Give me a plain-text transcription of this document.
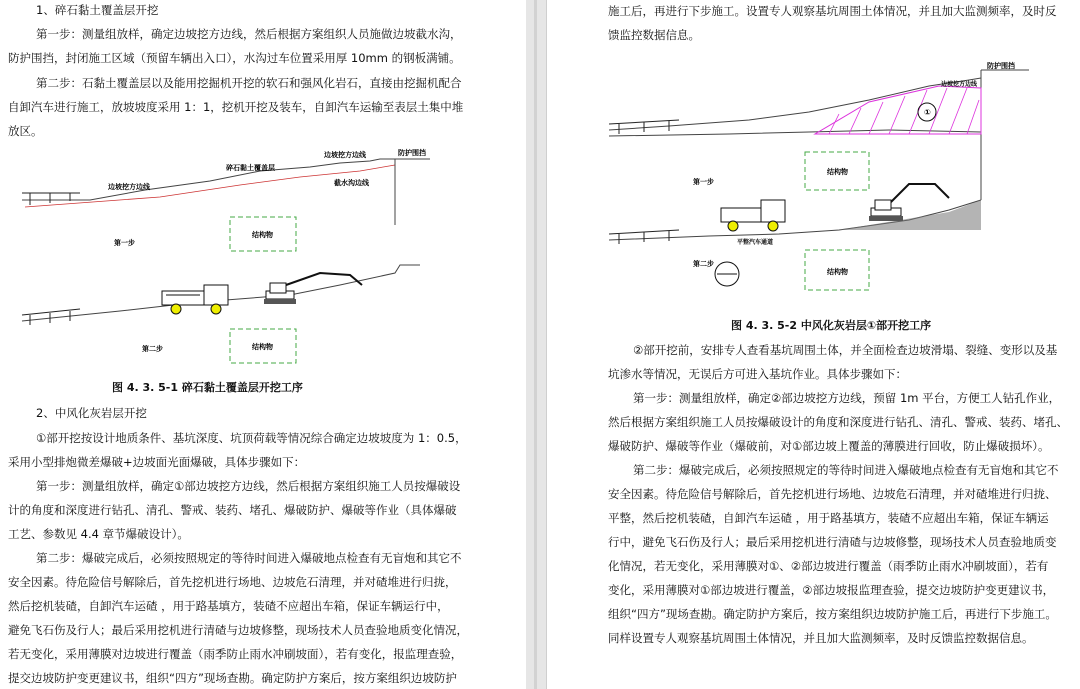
1、碎石黏土覆盖层开挖
第一步：测量组放样，确定边坡挖方边线，然后根据方案组织人员施做边坡截水沟，
防护围挡，封闭施工区域（预留车辆出入口），水沟过车位置采用厚 10mm 的钢板满铺。
第二步：石黏土覆盖层以及能用挖掘机开挖的软石和强风化岩石，直接由挖掘机配合
自卸汽车进行施工，放坡坡度采用 1：1，挖机开挖及装车，自卸汽车运输至表层土集中堆
放区。
碎石黏土覆盖层
边坡挖方边线	防护围挡
边坡挖方边线	截水沟边线
结构物
结构物
第一步
第二步
图 4. 3. 5-1 碎石黏土覆盖层开挖工序
2、中风化灰岩层开挖
①部开挖按设计地质条件、基坑深度、坑顶荷载等情况综合确定边坡坡度为 1：0.5，
采用小型排炮微差爆破+边坡面光面爆破，具体步骤如下：
第一步：测量组放样，确定①部边坡挖方边线，然后根据方案组织施工人员按爆破设
计的角度和深度进行钻孔、清孔、警戒、装药、堵孔、爆破防护、爆破等作业（具体爆破
工艺、参数见 4.4 章节爆破设计）。
第二步：爆破完成后，必须按照规定的等待时间进入爆破地点检查有无盲炮和其它不
安全因素。待危险信号解除后，首先挖机进行场地、边坡危石清理，并对碴堆进行归拢，
然后挖机装碴，自卸汽车运碴 ，用于路基填方，装碴不应超出车箱，保证车辆运行中，
避免飞石伤及行人；最后采用挖机进行清碴与边坡修整，现场技术人员查验地质变化情况，
若无变化，采用薄膜对边坡进行覆盖（雨季防止雨水冲刷坡面），若有变化，报监理查验，
提交边坡防护变更建议书，组织“四方”现场查勘。确定防护方案后，按方案组织边坡防护
施工后，再进行下步施工。设置专人观察基坑周围土体情况，并且加大监测频率，及时反
馈监控数据信息。
防护围挡
边坡挖方边线
①
结构物
结构物
第一步
第二步
平整汽车通道
图 4. 3. 5-2 中风化灰岩层①部开挖工序
②部开挖前，安排专人查看基坑周围土体，并全面检查边坡滑塌、裂缝、变形以及基
坑渗水等情况，无误后方可进入基坑作业。具体步骤如下：
第一步：测量组放样，确定②部边坡挖方边线，预留 1m 平台，方便工人钻孔作业，
然后根据方案组织施工人员按爆破设计的角度和深度进行钻孔、清孔、警戒、装药、堵孔、
爆破防护、爆破等作业（爆破前，对①部边坡上覆盖的薄膜进行回收，防止爆破损坏）。
第二步：爆破完成后，必须按照规定的等待时间进入爆破地点检查有无盲炮和其它不
安全因素。待危险信号解除后，首先挖机进行场地、边坡危石清理，并对碴堆进行归拢、
平整，然后挖机装碴，自卸汽车运碴 ，用于路基填方，装碴不应超出车箱，保证车辆运
行中，避免飞石伤及行人；最后采用挖机进行清碴与边坡修整，现场技术人员查验地质变
化情况，若无变化，采用薄膜对①、②部边坡进行覆盖（雨季防止雨水冲刷坡面），若有
变化，采用薄膜对①部边坡进行覆盖，②部边坡报监理查验，提交边坡防护变更建议书，
组织“四方”现场查勘。确定防护方案后，按方案组织边坡防护施工后，再进行下步施工。
同样设置专人观察基坑周围土体情况，并且加大监测频率，及时反馈监控数据信息。
